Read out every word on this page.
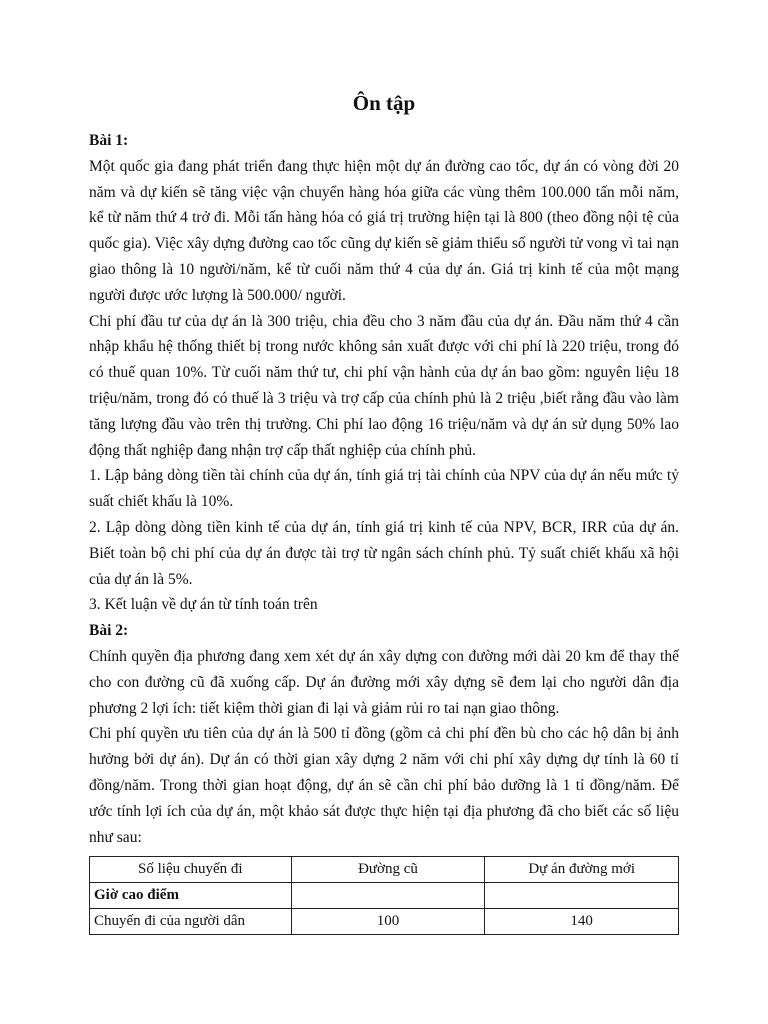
Ôn tập
Bài 1:

Một quốc gia đang phát triển đang thực hiện một dự án đường cao tốc, dự án có vòng đời 20 năm và dự kiến sẽ tăng việc vận chuyển hàng hóa giữa các vùng thêm 100.000 tấn mỗi năm, kể từ năm thứ 4 trở đi. Mỗi tấn hàng hóa có giá trị trường hiện tại là 800 (theo đồng nội tệ của quốc gia). Việc xây dựng đường cao tốc cũng dự kiến sẽ giảm thiểu số người tử vong vì tai nạn giao thông là 10 người/năm, kể từ cuối năm thứ 4 của dự án. Giá trị kinh tế của một mạng người được ước lượng là 500.000/ người.

Chi phí đầu tư của dự án là 300 triệu, chia đều cho 3 năm đầu của dự án. Đầu năm thứ 4 cần nhập khẩu hệ thống thiết bị trong nước không sản xuất được với chi phí là 220 triệu, trong đó có thuế quan 10%. Từ cuối năm thứ tư, chi phí vận hành của dự án bao gồm: nguyên liệu 18 triệu/năm, trong đó có thuế là 3 triệu và trợ cấp của chính phủ là 2 triệu ,biết rằng đầu vào làm tăng lượng đầu vào trên thị trường. Chi phí lao động 16 triệu/năm và dự án sử dụng 50% lao động thất nghiệp đang nhận trợ cấp thất nghiệp của chính phủ.

1. Lập bảng dòng tiền tài chính của dự án, tính giá trị tài chính của NPV của dự án nếu mức tỷ suất chiết khấu là 10%.

2. Lập dòng dòng tiền kinh tế của dự án, tính giá trị kinh tế của NPV, BCR, IRR của dự án. Biết toàn bộ chi phí của dự án được tài trợ từ ngân sách chính phủ. Tỷ suất chiết khấu xã hội của dự án là 5%.

3. Kết luận về dự án từ tính toán trên

Bài 2:

Chính quyền địa phương đang xem xét dự án xây dựng con đường mới dài 20 km để thay thế cho con đường cũ đã xuống cấp. Dự án đường mới xây dựng sẽ đem lại cho người dân địa phương 2 lợi ích: tiết kiệm thời gian đi lại và giảm rủi ro tai nạn giao thông.

Chi phí quyền ưu tiên của dự án là 500 tỉ đồng (gồm cả chi phí đền bù cho các hộ dân bị ảnh hưởng bởi dự án). Dự án có thời gian xây dựng 2 năm với chi phí xây dựng dự tính là 60 tỉ đồng/năm. Trong thời gian hoạt động, dự án sẽ cần chi phí bảo dưỡng là 1 tỉ đồng/năm. Để ước tính lợi ích của dự án, một khảo sát được thực hiện tại địa phương đã cho biết các số liệu như sau:

Số liệu chuyến đi	Đường cũ	Dự án đường mới
Giờ cao điểm		
Chuyến đi của người dân	100	140
